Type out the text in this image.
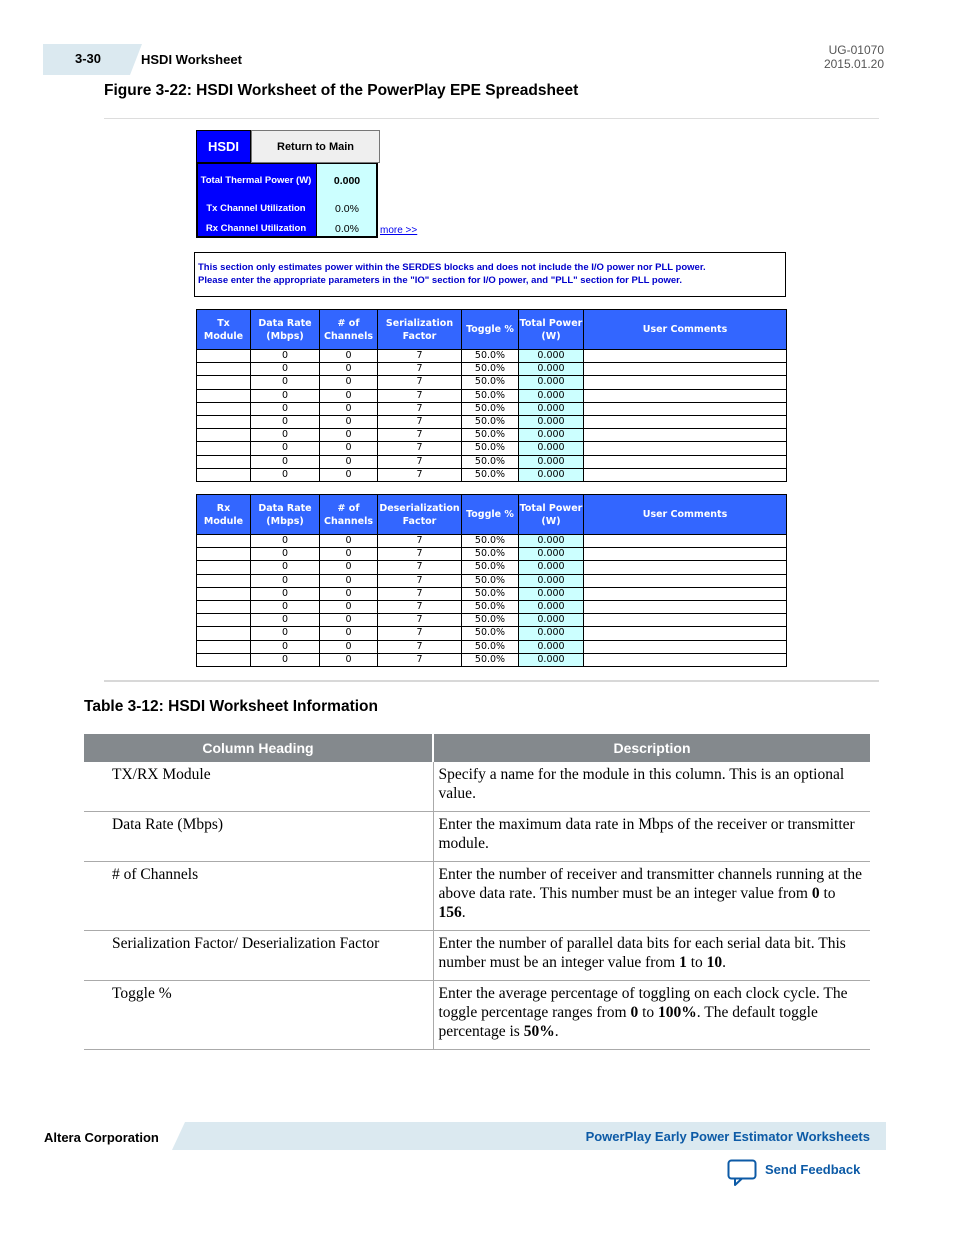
3-30	HSDI Worksheet
UG-01070
2015.01.20
Figure 3-22: HSDI Worksheet of the PowerPlay EPE Spreadsheet
HSDI	Return to Main
Total Thermal Power (W)	0.000
Tx Channel Utilization	0.0%
Rx Channel Utilization	0.0%	more >>
This section only estimates power within the SERDES blocks and does not include the I/O power nor PLL power.
Please enter the appropriate parameters in the "IO" section for I/O power, and "PLL" section for PLL power.
Tx Module	Data Rate (Mbps)	# of Channels	Serialization Factor	Toggle %	Total Power (W)	User Comments
	0	0	7	50.0%	0.000	
	0	0	7	50.0%	0.000	
	0	0	7	50.0%	0.000	
	0	0	7	50.0%	0.000	
	0	0	7	50.0%	0.000	
	0	0	7	50.0%	0.000	
	0	0	7	50.0%	0.000	
	0	0	7	50.0%	0.000	
	0	0	7	50.0%	0.000	
	0	0	7	50.0%	0.000	
Rx Module	Data Rate (Mbps)	# of Channels	Deserialization Factor	Toggle %	Total Power (W)	User Comments
	0	0	7	50.0%	0.000	
	0	0	7	50.0%	0.000	
	0	0	7	50.0%	0.000	
	0	0	7	50.0%	0.000	
	0	0	7	50.0%	0.000	
	0	0	7	50.0%	0.000	
	0	0	7	50.0%	0.000	
	0	0	7	50.0%	0.000	
	0	0	7	50.0%	0.000	
	0	0	7	50.0%	0.000	
Table 3-12: HSDI Worksheet Information
Column Heading	Description
TX/RX Module	Specify a name for the module in this column. This is an optional value.
Data Rate (Mbps)	Enter the maximum data rate in Mbps of the receiver or transmitter module.
# of Channels	Enter the number of receiver and transmitter channels running at the above data rate. This number must be an integer value from 0 to 156.
Serialization Factor/ Deserialization Factor	Enter the number of parallel data bits for each serial data bit. This number must be an integer value from 1 to 10.
Toggle %	Enter the average percentage of toggling on each clock cycle. The toggle percentage ranges from 0 to 100%. The default toggle percentage is 50%.
Altera Corporation	PowerPlay Early Power Estimator Worksheets
Send Feedback
